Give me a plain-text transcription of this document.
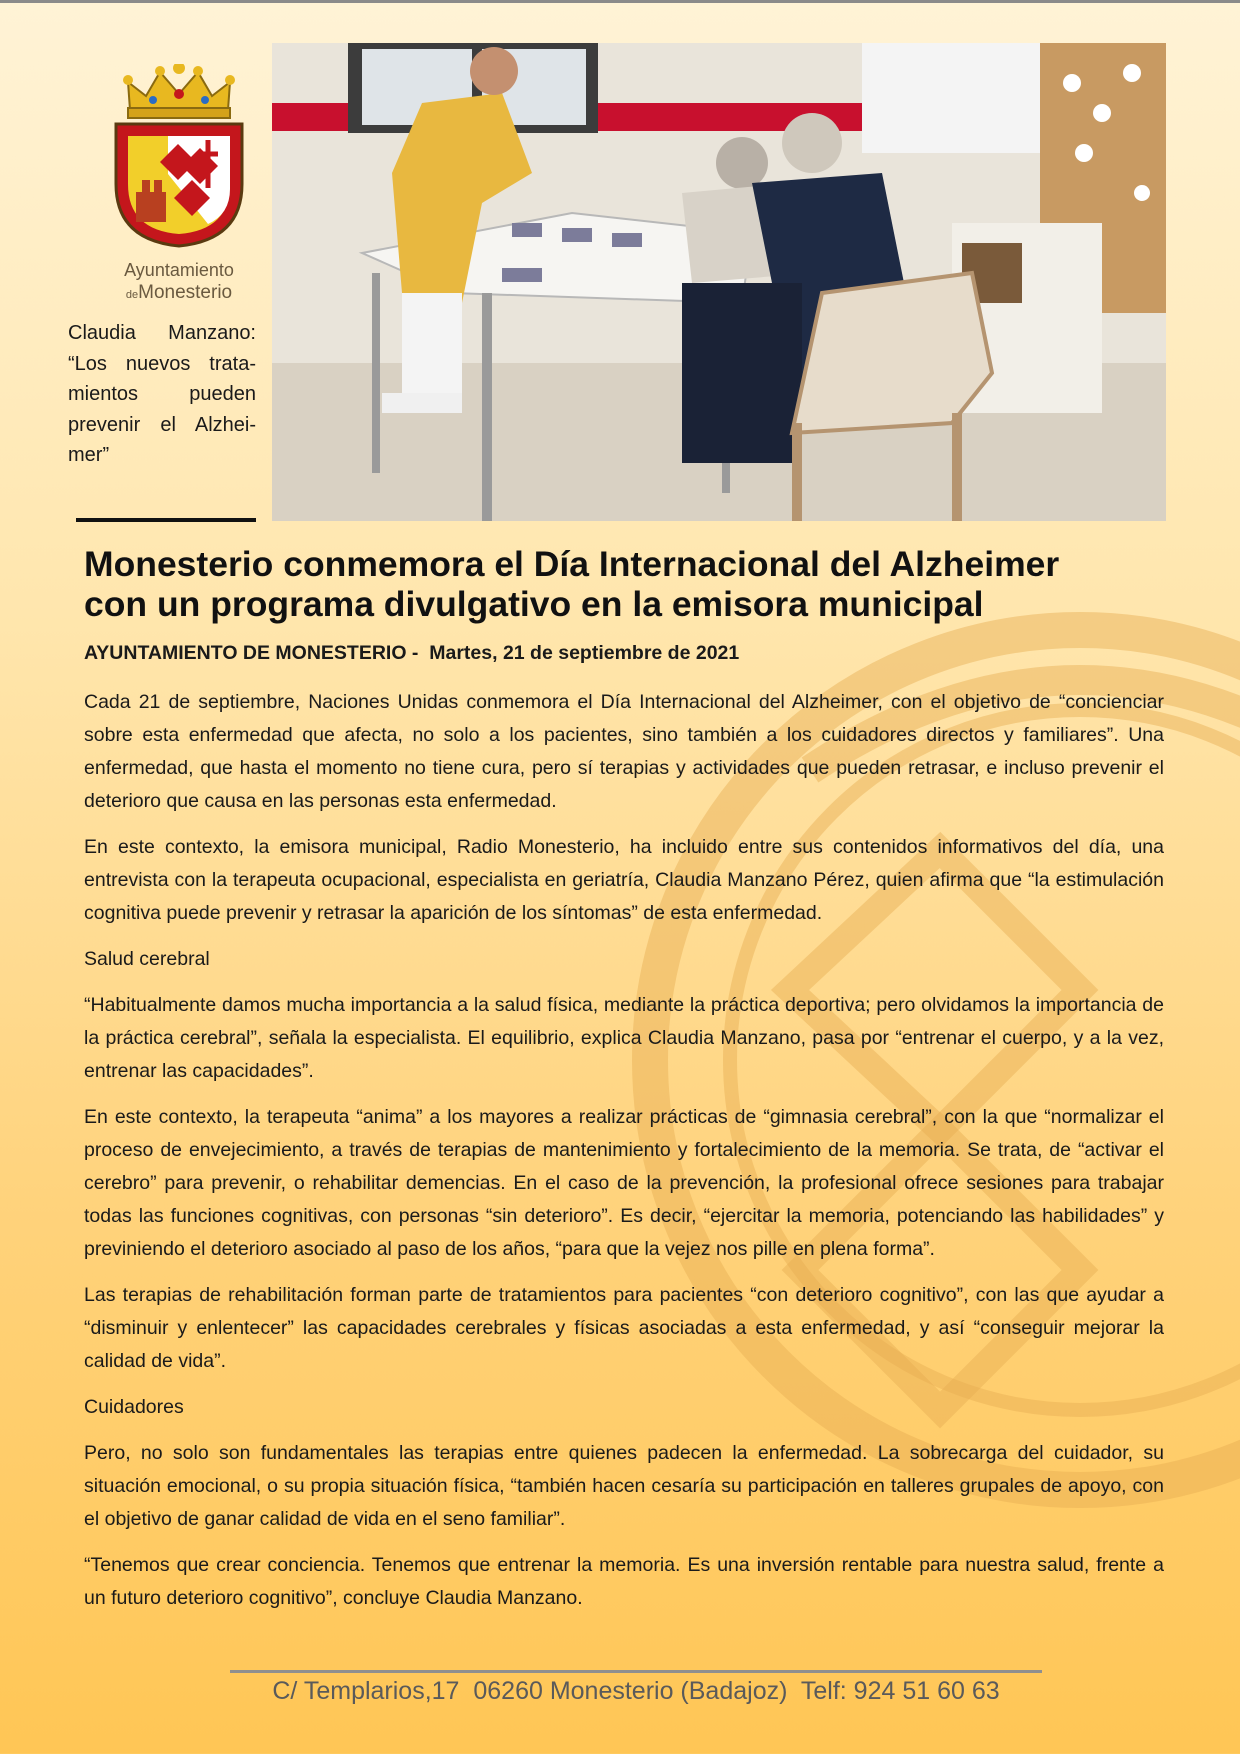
Ayuntamiento
deMonesterio

Claudia Manzano: “Los nuevos trata-mientos pueden prevenir el Alzhei-mer”

Monesterio conmemora el Día Internacional del Alzheimer
con un programa divulgativo en la emisora municipal

AYUNTAMIENTO DE MONESTERIO -  Martes, 21 de septiembre de 2021

Cada 21 de septiembre, Naciones Unidas conmemora el Día Internacional del Alzheimer, con el objetivo de “concienciar sobre esta enfermedad que afecta, no solo a los pacientes, sino también a los cuidadores directos y familiares”. Una enfermedad, que hasta el momento no tiene cura, pero sí terapias y actividades que pueden retrasar, e incluso prevenir el deterioro que causa en las personas esta enfermedad.

En este contexto, la emisora municipal, Radio Monesterio, ha incluido entre sus contenidos informativos del día, una entrevista con la terapeuta ocupacional, especialista en geriatría, Claudia Manzano Pérez, quien afirma que “la estimulación cognitiva puede prevenir y retrasar la aparición de los síntomas” de esta enfermedad.

Salud cerebral

“Habitualmente damos mucha importancia a la salud física, mediante la práctica deportiva; pero olvidamos la importancia de la práctica cerebral”, señala la especialista. El equilibrio, explica Claudia Manzano, pasa por “entrenar el cuerpo, y a la vez, entrenar las capacidades”.

En este contexto, la terapeuta “anima” a los mayores a realizar prácticas de “gimnasia cerebral”, con la que “normalizar el proceso de envejecimiento, a través de terapias de mantenimiento y fortalecimiento de la memoria. Se trata, de “activar el cerebro” para prevenir, o rehabilitar demencias. En el caso de la prevención, la profesional ofrece sesiones para trabajar todas las funciones cognitivas, con personas “sin deterioro”. Es decir, “ejercitar la memoria, potenciando las habilidades” y previniendo el deterioro asociado al paso de los años, “para que la vejez nos pille en plena forma”.

Las terapias de rehabilitación forman parte de tratamientos para pacientes “con deterioro cognitivo”, con las que ayudar a “disminuir y enlentecer” las capacidades cerebrales y físicas asociadas a esta enfermedad, y así “conseguir mejorar la calidad de vida”.

Cuidadores

Pero, no solo son fundamentales las terapias entre quienes padecen la enfermedad. La sobrecarga del cuidador, su situación emocional, o su propia situación física, “también hacen cesaría su participación en talleres grupales de apoyo, con el objetivo de ganar calidad de vida en el seno familiar”.

“Tenemos que crear conciencia. Tenemos que entrenar la memoria. Es una inversión rentable para nuestra salud, frente a un futuro deterioro cognitivo”, concluye Claudia Manzano.

C/ Templarios,17  06260 Monesterio (Badajoz)  Telf: 924 51 60 63
